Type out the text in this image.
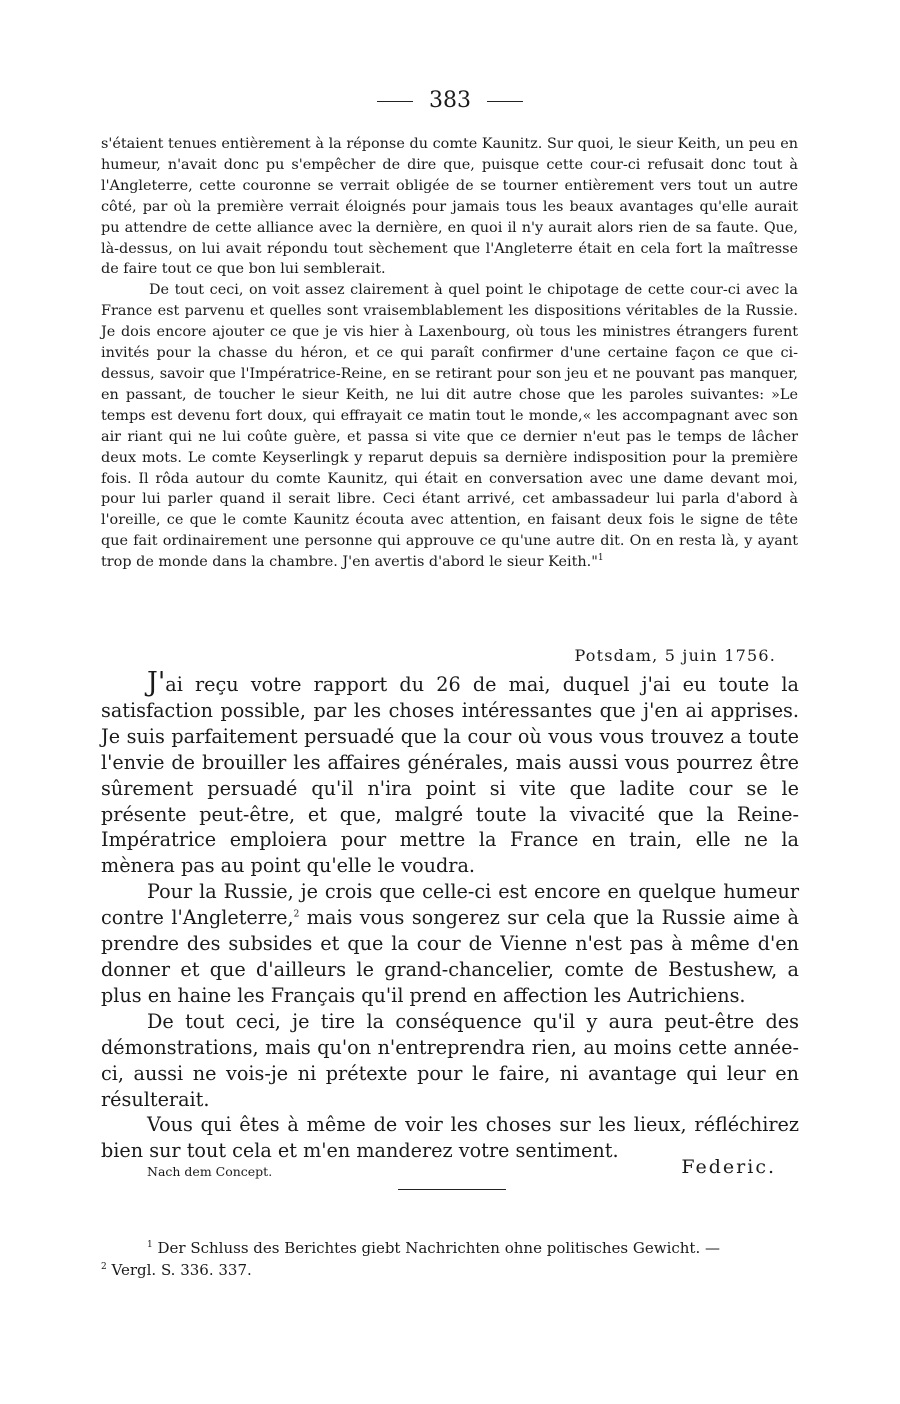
383

s'étaient tenues entièrement à la réponse du comte Kaunitz. Sur quoi, le sieur Keith, un peu en humeur, n'avait donc pu s'empêcher de dire que, puisque cette cour-ci refusait donc tout à l'Angleterre, cette couronne se verrait obligée de se tourner entièrement vers tout un autre côté, par où la première verrait éloignés pour jamais tous les beaux avantages qu'elle aurait pu attendre de cette alliance avec la dernière, en quoi il n'y aurait alors rien de sa faute. Que, là-dessus, on lui avait répondu tout sèchement que l'Angleterre était en cela fort la maîtresse de faire tout ce que bon lui semblerait.

De tout ceci, on voit assez clairement à quel point le chipotage de cette cour-ci avec la France est parvenu et quelles sont vraisemblablement les dispositions véritables de la Russie. Je dois encore ajouter ce que je vis hier à Laxenbourg, où tous les ministres étrangers furent invités pour la chasse du héron, et ce qui paraît confirmer d'une certaine façon ce que ci-dessus, savoir que l'Impératrice-Reine, en se retirant pour son jeu et ne pouvant pas manquer, en passant, de toucher le sieur Keith, ne lui dit autre chose que les paroles suivantes: »Le temps est devenu fort doux, qui effrayait ce matin tout le monde,« les accompagnant avec son air riant qui ne lui coûte guère, et passa si vite que ce dernier n'eut pas le temps de lâcher deux mots. Le comte Keyserlingk y reparut depuis sa dernière indisposition pour la première fois. Il rôda autour du comte Kaunitz, qui était en conversation avec une dame devant moi, pour lui parler quand il serait libre. Ceci étant arrivé, cet ambassadeur lui parla d'abord à l'oreille, ce que le comte Kaunitz écouta avec attention, en faisant deux fois le signe de tête que fait ordinairement une personne qui approuve ce qu'une autre dit. On en resta là, y ayant trop de monde dans la chambre. J'en avertis d'abord le sieur Keith."$^1$

Potsdam, 5 juin 1756.

J'ai reçu votre rapport du 26 de mai, duquel j'ai eu toute la satisfaction possible, par les choses intéressantes que j'en ai apprises. Je suis parfaitement persuadé que la cour où vous vous trouvez a toute l'envie de brouiller les affaires générales, mais aussi vous pourrez être sûrement persuadé qu'il n'ira point si vite que ladite cour se le présente peut-être, et que, malgré toute la vivacité que la Reine-Impératrice emploiera pour mettre la France en train, elle ne la mènera pas au point qu'elle le voudra.

Pour la Russie, je crois que celle-ci est encore en quelque humeur contre l'Angleterre,$^2$ mais vous songerez sur cela que la Russie aime à prendre des subsides et que la cour de Vienne n'est pas à même d'en donner et que d'ailleurs le grand-chancelier, comte de Bestushew, a plus en haine les Français qu'il prend en affection les Autrichiens.

De tout ceci, je tire la conséquence qu'il y aura peut-être des démonstrations, mais qu'on n'entreprendra rien, au moins cette année-ci, aussi ne vois-je ni prétexte pour le faire, ni avantage qui leur en résulterait.

Vous qui êtes à même de voir les choses sur les lieux, réfléchirez bien sur tout cela et m'en manderez votre sentiment.

Nach dem Concept.	Federic.

$^1$ Der Schluss des Berichtes giebt Nachrichten ohne politisches Gewicht. —
$^2$ Vergl. S. 336. 337.
